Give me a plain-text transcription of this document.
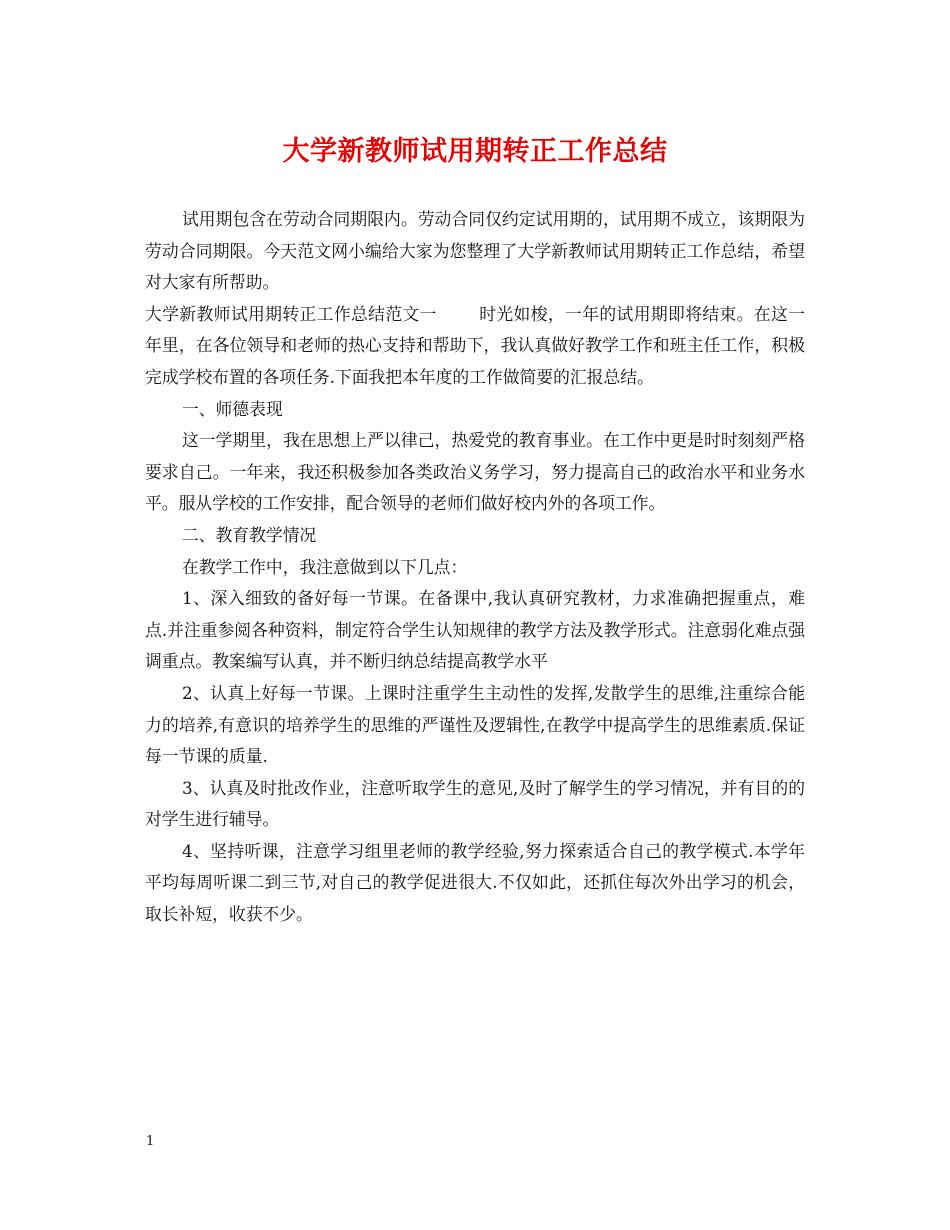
大学新教师试用期转正工作总结

试用期包含在劳动合同期限内。劳动合同仅约定试用期的，试用期不成立，该期限为劳动合同期限。今天范文网小编给大家为您整理了大学新教师试用期转正工作总结，希望对大家有所帮助。

大学新教师试用期转正工作总结范文一	时光如梭，一年的试用期即将结束。在这一年里，在各位领导和老师的热心支持和帮助下，我认真做好教学工作和班主任工作，积极完成学校布置的各项任务.下面我把本年度的工作做简要的汇报总结。

一、师德表现

这一学期里，我在思想上严以律己，热爱党的教育事业。在工作中更是时时刻刻严格要求自己。一年来，我还积极参加各类政治义务学习，努力提高自己的政治水平和业务水平。服从学校的工作安排，配合领导的老师们做好校内外的各项工作。

二、教育教学情况

在教学工作中，我注意做到以下几点：

1、深入细致的备好每一节课。在备课中,我认真研究教材，力求准确把握重点，难点.并注重参阅各种资料，制定符合学生认知规律的教学方法及教学形式。注意弱化难点强调重点。教案编写认真，并不断归纳总结提高教学水平

2、认真上好每一节课。上课时注重学生主动性的发挥,发散学生的思维,注重综合能力的培养,有意识的培养学生的思维的严谨性及逻辑性,在教学中提高学生的思维素质.保证每一节课的质量.

3、认真及时批改作业，注意听取学生的意见,及时了解学生的学习情况，并有目的的对学生进行辅导。

4、坚持听课，注意学习组里老师的教学经验,努力探索适合自己的教学模式.本学年平均每周听课二到三节,对自己的教学促进很大.不仅如此，还抓住每次外出学习的机会，取长补短，收获不少。

1
